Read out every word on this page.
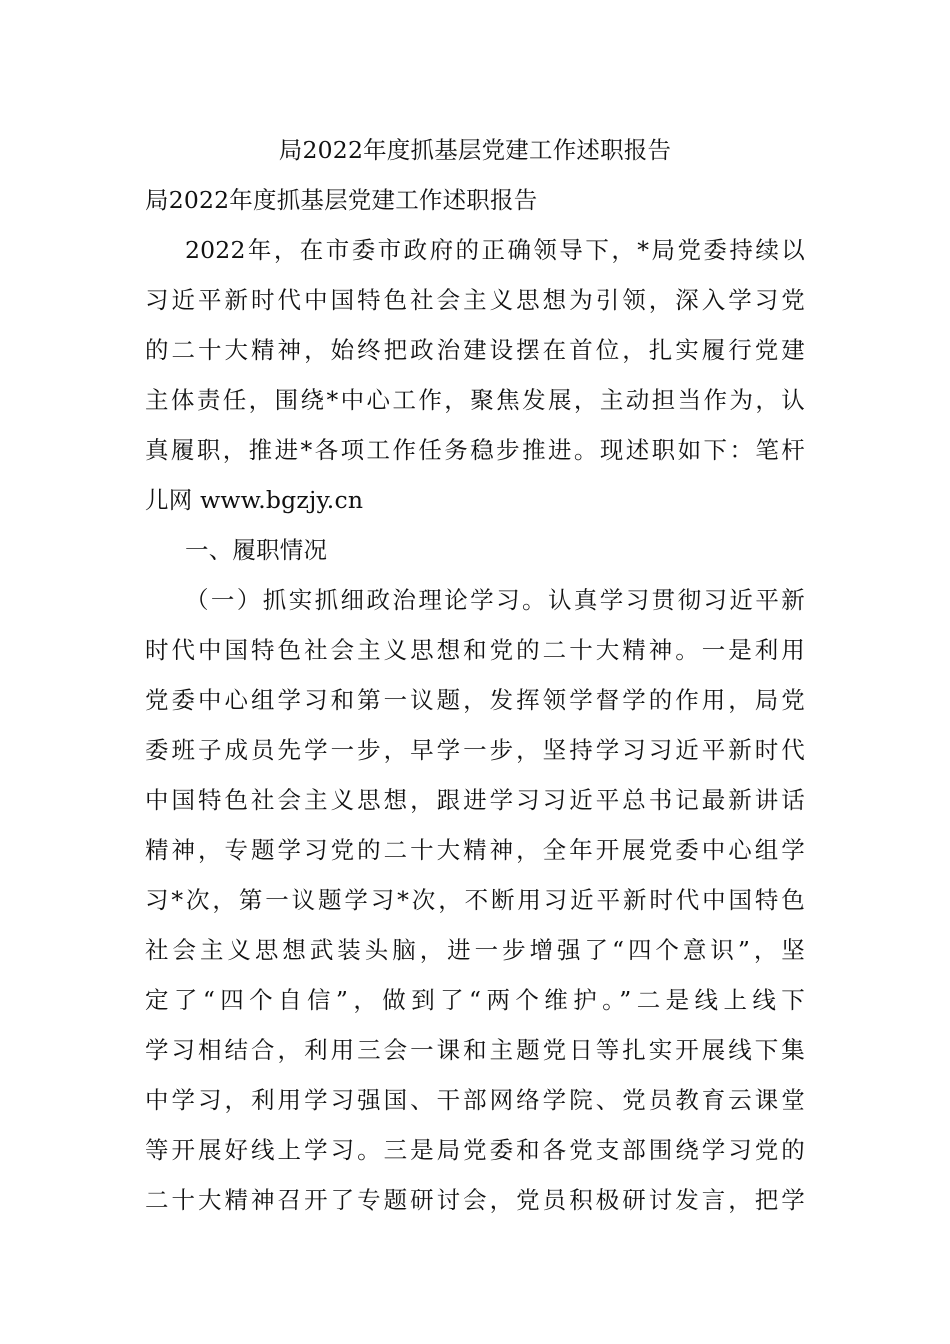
局2022年度抓基层党建工作述职报告
局2022年度抓基层党建工作述职报告
2022年，在市委市政府的正确领导下，*局党委持续以
习近平新时代中国特色社会主义思想为引领，深入学习党
的二十大精神，始终把政治建设摆在首位，扎实履行党建
主体责任，围绕*中心工作，聚焦发展，主动担当作为，认
真履职，推进*各项工作任务稳步推进。现述职如下：笔杆
儿网 www.bgzjy.cn
一、履职情况
（一）抓实抓细政治理论学习。认真学习贯彻习近平新
时代中国特色社会主义思想和党的二十大精神。一是利用
党委中心组学习和第一议题，发挥领学督学的作用，局党
委班子成员先学一步，早学一步，坚持学习习近平新时代
中国特色社会主义思想，跟进学习习近平总书记最新讲话
精神，专题学习党的二十大精神，全年开展党委中心组学
习*次，第一议题学习*次，不断用习近平新时代中国特色
社会主义思想武装头脑，进一步增强了“四个意识”，坚
定了“四个自信”，做到了“两个维护。”二是线上线下
学习相结合，利用三会一课和主题党日等扎实开展线下集
中学习，利用学习强国、干部网络学院、党员教育云课堂
等开展好线上学习。三是局党委和各党支部围绕学习党的
二十大精神召开了专题研讨会，党员积极研讨发言，把学
